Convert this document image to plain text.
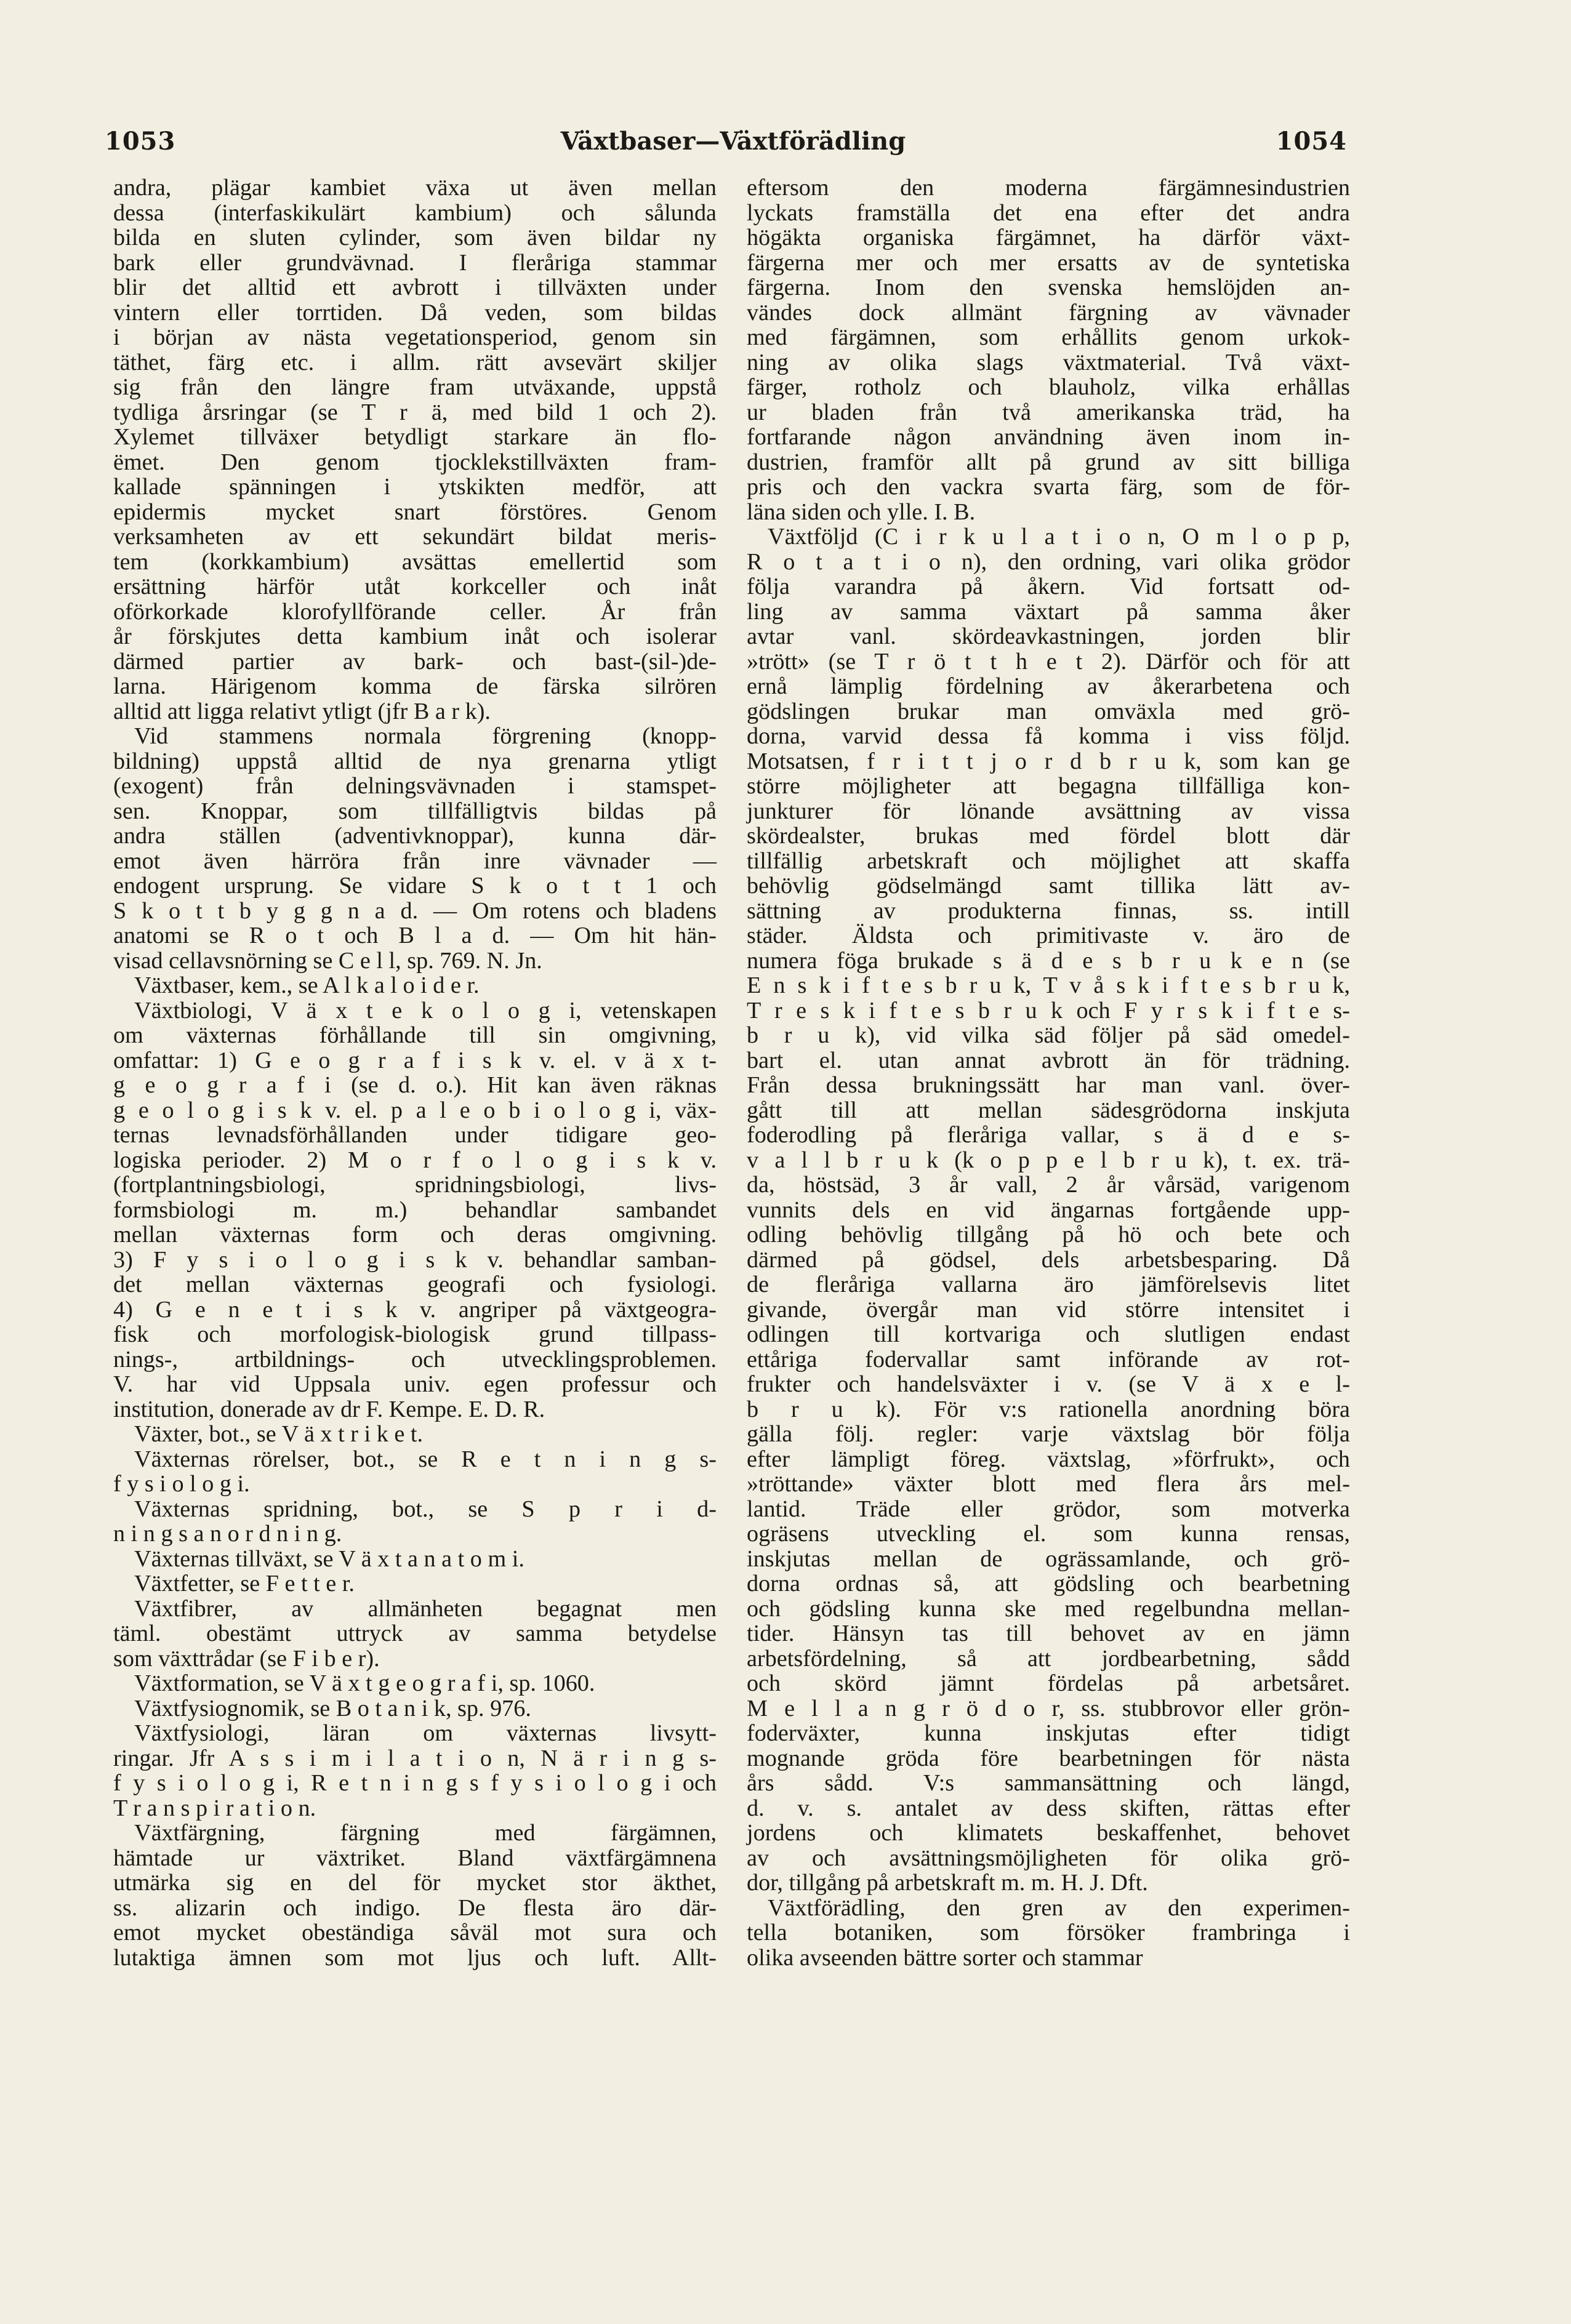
1053	Växtbaser—Växtförädling	1054
andra, plägar kambiet växa ut även mellan
dessa (interfaskikulärt kambium) och sålunda
bilda en sluten cylinder, som även bildar ny
bark eller grundvävnad. I fleråriga stammar
blir det alltid ett avbrott i tillväxten under
vintern eller torrtiden. Då veden, som bildas
i början av nästa vegetationsperiod, genom sin
täthet, färg etc. i allm. rätt avsevärt skiljer
sig från den längre fram utväxande, uppstå
tydliga årsringar (se T r ä, med bild 1 och 2).
Xylemet tillväxer betydligt starkare än flo-
ëmet. Den genom tjocklekstillväxten fram-
kallade spänningen i ytskikten medför, att
epidermis mycket snart förstöres. Genom
verksamheten av ett sekundärt bildat meris-
tem (korkkambium) avsättas emellertid som
ersättning härför utåt korkceller och inåt
oförkorkade klorofyllförande celler. År från
år förskjutes detta kambium inåt och isolerar
därmed partier av bark- och bast-(sil-)de-
larna. Härigenom komma de färska silrören
alltid att ligga relativt ytligt (jfr B a r k).
Vid stammens normala förgrening (knopp-
bildning) uppstå alltid de nya grenarna ytligt
(exogent) från delningsvävnaden i stamspet-
sen. Knoppar, som tillfälligtvis bildas på
andra ställen (adventivknoppar), kunna där-
emot även härröra från inre vävnader —
endogent ursprung. Se vidare S k o t t 1 och
S k o t t b y g g n a d. — Om rotens och bladens
anatomi se R o t och B l a d. — Om hit hän-
visad cellavsnörning se C e l l, sp. 769. N. Jn.
Växtbaser, kem., se A l k a l o i d e r.
Växtbiologi, V ä x t e k o l o g i, vetenskapen
om växternas förhållande till sin omgivning,
omfattar: 1) G e o g r a f i s k v. el. v ä x t-
g e o g r a f i (se d. o.). Hit kan även räknas
g e o l o g i s k v. el. p a l e o b i o l o g i, väx-
ternas levnadsförhållanden under tidigare geo-
logiska perioder. 2) M o r f o l o g i s k v.
(fortplantningsbiologi, spridningsbiologi, livs-
formsbiologi m. m.) behandlar sambandet
mellan växternas form och deras omgivning.
3) F y s i o l o g i s k v. behandlar samban-
det mellan växternas geografi och fysiologi.
4) G e n e t i s k v. angriper på växtgeogra-
fisk och morfologisk-biologisk grund tillpass-
nings-, artbildnings- och utvecklingsproblemen.
V. har vid Uppsala univ. egen professur och
institution, donerade av dr F. Kempe. E. D. R.
Växter, bot., se V ä x t r i k e t.
Växternas rörelser, bot., se R e t n i n g s-
f y s i o l o g i.
Växternas spridning, bot., se S p r i d-
n i n g s a n o r d n i n g.
Växternas tillväxt, se V ä x t a n a t o m i.
Växtfetter, se F e t t e r.
Växtfibrer, av allmänheten begagnat men
täml. obestämt uttryck av samma betydelse
som växttrådar (se F i b e r).
Växtformation, se V ä x t g e o g r a f i, sp. 1060.
Växtfysiognomik, se B o t a n i k, sp. 976.
Växtfysiologi, läran om växternas livsytt-
ringar. Jfr A s s i m i l a t i o n, N ä r i n g s-
f y s i o l o g i, R e t n i n g s f y s i o l o g i och
T r a n s p i r a t i o n.
Växtfärgning, färgning med färgämnen,
hämtade ur växtriket. Bland växtfärgämnena
utmärka sig en del för mycket stor äkthet,
ss. alizarin och indigo. De flesta äro där-
emot mycket obeständiga såväl mot sura och
lutaktiga ämnen som mot ljus och luft. Allt-
eftersom den moderna färgämnesindustrien
lyckats framställa det ena efter det andra
högäkta organiska färgämnet, ha därför växt-
färgerna mer och mer ersatts av de syntetiska
färgerna. Inom den svenska hemslöjden an-
vändes dock allmänt färgning av vävnader
med färgämnen, som erhållits genom urkok-
ning av olika slags växtmaterial. Två växt-
färger, rotholz och blauholz, vilka erhållas
ur bladen från två amerikanska träd, ha
fortfarande någon användning även inom in-
dustrien, framför allt på grund av sitt billiga
pris och den vackra svarta färg, som de för-
läna siden och ylle. I. B.
Växtföljd (C i r k u l a t i o n, O m l o p p,
R o t a t i o n), den ordning, vari olika grödor
följa varandra på åkern. Vid fortsatt od-
ling av samma växtart på samma åker
avtar vanl. skördeavkastningen, jorden blir
»trött» (se T r ö t t h e t 2). Därför och för att
ernå lämplig fördelning av åkerarbetena och
gödslingen brukar man omväxla med grö-
dorna, varvid dessa få komma i viss följd.
Motsatsen, f r i t t j o r d b r u k, som kan ge
större möjligheter att begagna tillfälliga kon-
junkturer för lönande avsättning av vissa
skördealster, brukas med fördel blott där
tillfällig arbetskraft och möjlighet att skaffa
behövlig gödselmängd samt tillika lätt av-
sättning av produkterna finnas, ss. intill
städer. Äldsta och primitivaste v. äro de
numera föga brukade s ä d e s b r u k e n (se
E n s k i f t e s b r u k, T v å s k i f t e s b r u k,
T r e s k i f t e s b r u k och F y r s k i f t e s-
b r u k), vid vilka säd följer på säd omedel-
bart el. utan annat avbrott än för trädning.
Från dessa brukningssätt har man vanl. över-
gått till att mellan sädesgrödorna inskjuta
foderodling på fleråriga vallar, s ä d e s-
v a l l b r u k (k o p p e l b r u k), t. ex. trä-
da, höstsäd, 3 år vall, 2 år vårsäd, varigenom
vunnits dels en vid ängarnas fortgående upp-
odling behövlig tillgång på hö och bete och
därmed på gödsel, dels arbetsbesparing. Då
de fleråriga vallarna äro jämförelsevis litet
givande, övergår man vid större intensitet i
odlingen till kortvariga och slutligen endast
ettåriga fodervallar samt införande av rot-
frukter och handelsväxter i v. (se V ä x e l-
b r u k). För v:s rationella anordning böra
gälla följ. regler: varje växtslag bör följa
efter lämpligt föreg. växtslag, »förfrukt», och
»tröttande» växter blott med flera års mel-
lantid. Träde eller grödor, som motverka
ogräsens utveckling el. som kunna rensas,
inskjutas mellan de ogrässamlande, och grö-
dorna ordnas så, att gödsling och bearbetning
och gödsling kunna ske med regelbundna mellan-
tider. Hänsyn tas till behovet av en jämn
arbetsfördelning, så att jordbearbetning, sådd
och skörd jämnt fördelas på arbetsåret.
M e l l a n g r ö d o r, ss. stubbrovor eller grön-
foderväxter, kunna inskjutas efter tidigt
mognande gröda före bearbetningen för nästa
års sådd. V:s sammansättning och längd,
d. v. s. antalet av dess skiften, rättas efter
jordens och klimatets beskaffenhet, behovet
av och avsättningsmöjligheten för olika grö-
dor, tillgång på arbetskraft m. m. H. J. Dft.
Växtförädling, den gren av den experimen-
tella botaniken, som försöker frambringa i
olika avseenden bättre sorter och stammar
